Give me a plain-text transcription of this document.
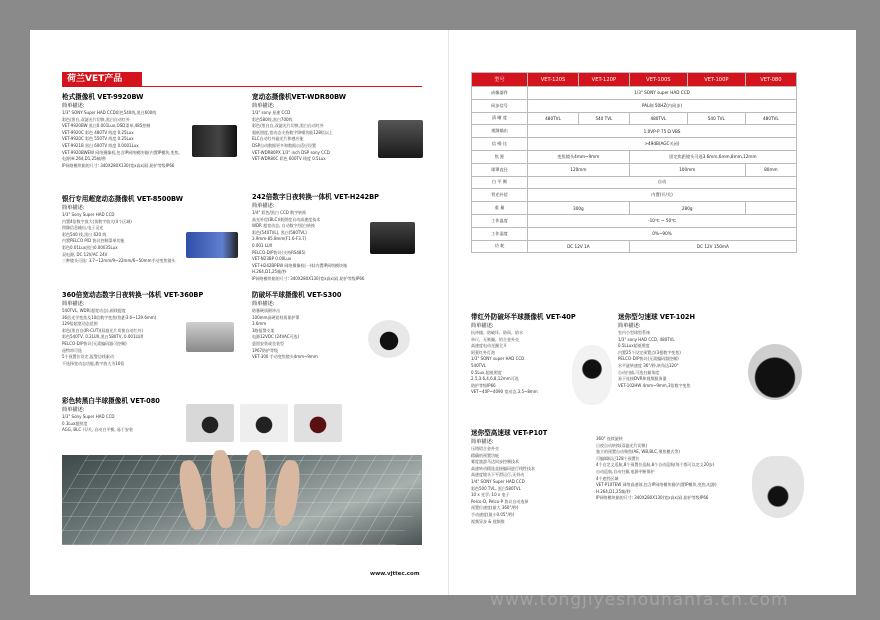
荷兰VET产品
枪式摄像机 VET-9920BW
简单描述:
1/3" SONY Super HAD CCD彩色540线,黑白600线
彩色/黑白,双滤光片切换,黑白自动红外
VET-9920BW 黑白0.001Lux,OSD菜单,485控制
VET-9920C 彩色 480TV 线度 0.25Lux
VET-9920C 彩色 550TV 线度 0.25Lux
VET-9921B 黑白 600TV 线度 0.0001Lux
VET-9920BWEW 网络摄像机,包含IP网络模块箱(内置IP模块,变焦,
电源)H.264,D1,25帧/秒
IP网络模块箱的尺寸: 340X280X130(宽x高x深),防护等级IP66
宽动态摄像机VET-WDR80BW
简单描述:
1/3" sony 星速 CCD
彩色580线,黑白700线
彩色/黑白自,双滤光片切换,黑白自动红外
超低照度,宽动态支持数字降噪功能128倍以上
ELC自动红外滤光片和感应能
DSP自动数据更多和数据自适应设置
VET-WDR80PX 1/3" inch DSP sony CCD
VET-WDR80C 彩色 600TV 线度 0.5Lux
银行专用超宽动态摄像机 VET-8500BW
简单描述:
1/3" Sony Super HAD CCD
内置4倍数字放大(顶数字放大(4个区域)
图像信息输出,电子灵光
彩色540 线,黑白 620 线
内置PELCO P/D 协议控制菜单功能
彩色0.01Lux黑白0.00035Lux
双电源, DC 12V/AC 24V
三种镜头可选: 3.7~12mm/9~22mm/6~50mm手动变焦镜头
242倍数字日夜转换一体机 VET-H242BP
简单描述:
1/4" 彩色/黑白 CCD 数字转换
高光补偿(BLC)/低照度自动高速度技术
WDR 超宽动态, 自动数字/黑白转换
彩色(540TVL), 黑白(580TVL)
3.9mm-85.8mm(F1.6-F3.7)
0.001 LUX
PELCO-D/P协议(支持RS485)
VET-N23BP 0.00Lux
VET-H242BPEW 网络摄像机(一体)内置IP网络模块箱
H.264,D1,25帧/秒
IP网络模块箱的尺寸: 340X280X130(宽x高x深),防护等级IP66
360倍宽动态数字日夜转换一体机 VET-360BP
简单描述:
540TVL, WDR(超宽动态),画线提度
36倍光学变焦及10倍数字变焦(焦距3.6~129.6mm)
129倍超宽动态范围
彩色/黑白自(IR-CUT)(双滤光片切换自动红外)
彩色540TV, 0.2LUX,黑白580TV, 0.001LUX
PELCO-D/P协议(无需编码器可控制)
遥特串可选
5个预置位设定,报警边线驱动
不选择宽动态功能,数字放大为10倍
防破坏半球摄像机 VET-S300
简单描述:
防暴硬质耐冲击
100mm高硬铝材质保护罩
3.6mm
3路报警支架
电源12VDC (24VAC可选)
悬固安装或坐装型
1P67防护等级
VET-300 手动变焦镜头4mm~9mm
彩色转黑白半球摄像机 VET-080
简单描述:
1/3" Sony Super HAD CCD
0.3Lux超照度
AGG, BLC 开/关, 自动白平衡, 易于安装
www.vjttec.com
型号	VET-120S	VET-120P	VET-100S	VET-100P	VET-080
成像器件	1/3" SONY super HAD CCD				
同步信号	PAL制 50HZ(内同步)				
清 晰 度	480TVL	540 TVL	480TVL	540 TVL	480TVL
视频输出	1.0VP-P 75 Ω VBS				
信 噪 比	>49dB(AGC关闭)				
焦 距	变焦镜头4mm~9mm		固定焦距镜头可选3.6mm,6mm,8mm,12mm		
球罩直径	120mm		100mm		80mm
白 平 衡	自动				
背光补偿	内置(开/关)				
重 量	300g		280g		
工作温度	-10℃ ~ 50℃				
工作湿度	0%~90%				
功 耗	DC 12V 1A		DC 12V 150mA		
带红外防破坏半球摄像机 VET-40P
简单描述:
抗冲撞、防破坏、防雨、防水
单尺、无吸圈、铝合金外壳
高速度电动光圈全开
阿莱红外灯泡
1/3" SONY super HAD CCD
540TVL
0.5Lux,超低照度
2.5,3.6,4,6,8,12mm可选
防护等级IP66
VET~40P~4090 宽动态,3.5~8mm
迷你型匀速球 VET-102H
简单描述:
室内小型球型系统
1/3" sony HAD CCD, 480TVL
0.5LLux超低照度
内置25个设定预置点(3根数字变焦)
PELCO-D/P协议(无需编码器控制)
水平旋转速度 36°/秒,转角达320°
自动扫描,可选扫描角度
易于连接DVR和视频服务器
VET-102HW 4mm~9mm,3倍数字变焦
迷你型高速球 VET-P10T
简单描述:
压铸铝合金外壳
精确的预置功能
雾度旅游马达同步控制技术
高速转动精选直接编码进行线性技术
高速度镜头下平滑运行,无抖动
1/4" SONY Super HAD CCD
彩色500 TVL, 黑白580TVL
10 x 光学, 10 x 电子
Pelco-D, Pelco-P 协议自动选择
预置位速度(最大 360°/秒)
手动速度(最小0.05°/秒)
视频异步 & 视频推
360° 连续旋转
日夜自动转换(双滤光片切换)
独立的预置自动聚焦(AE, WB,BLC,聚焦模式等)
可编辑标记128个预置位
4个自定义巡航,8个预置位巡航,8个自动巡航(每个都可以定义20步)
自动巡航,自动扫描,电源中断保护
4个遮挡区域
VET-P10TEW 网络高速球,包含IP网络模块箱(内置IP模块,变焦,电源)
H.264,D1,25帧/秒
IP网络模块箱的尺寸: 340X280X130(宽x高x深),防护等级IP66
www.tongjiyeshounanfa.cn.com
